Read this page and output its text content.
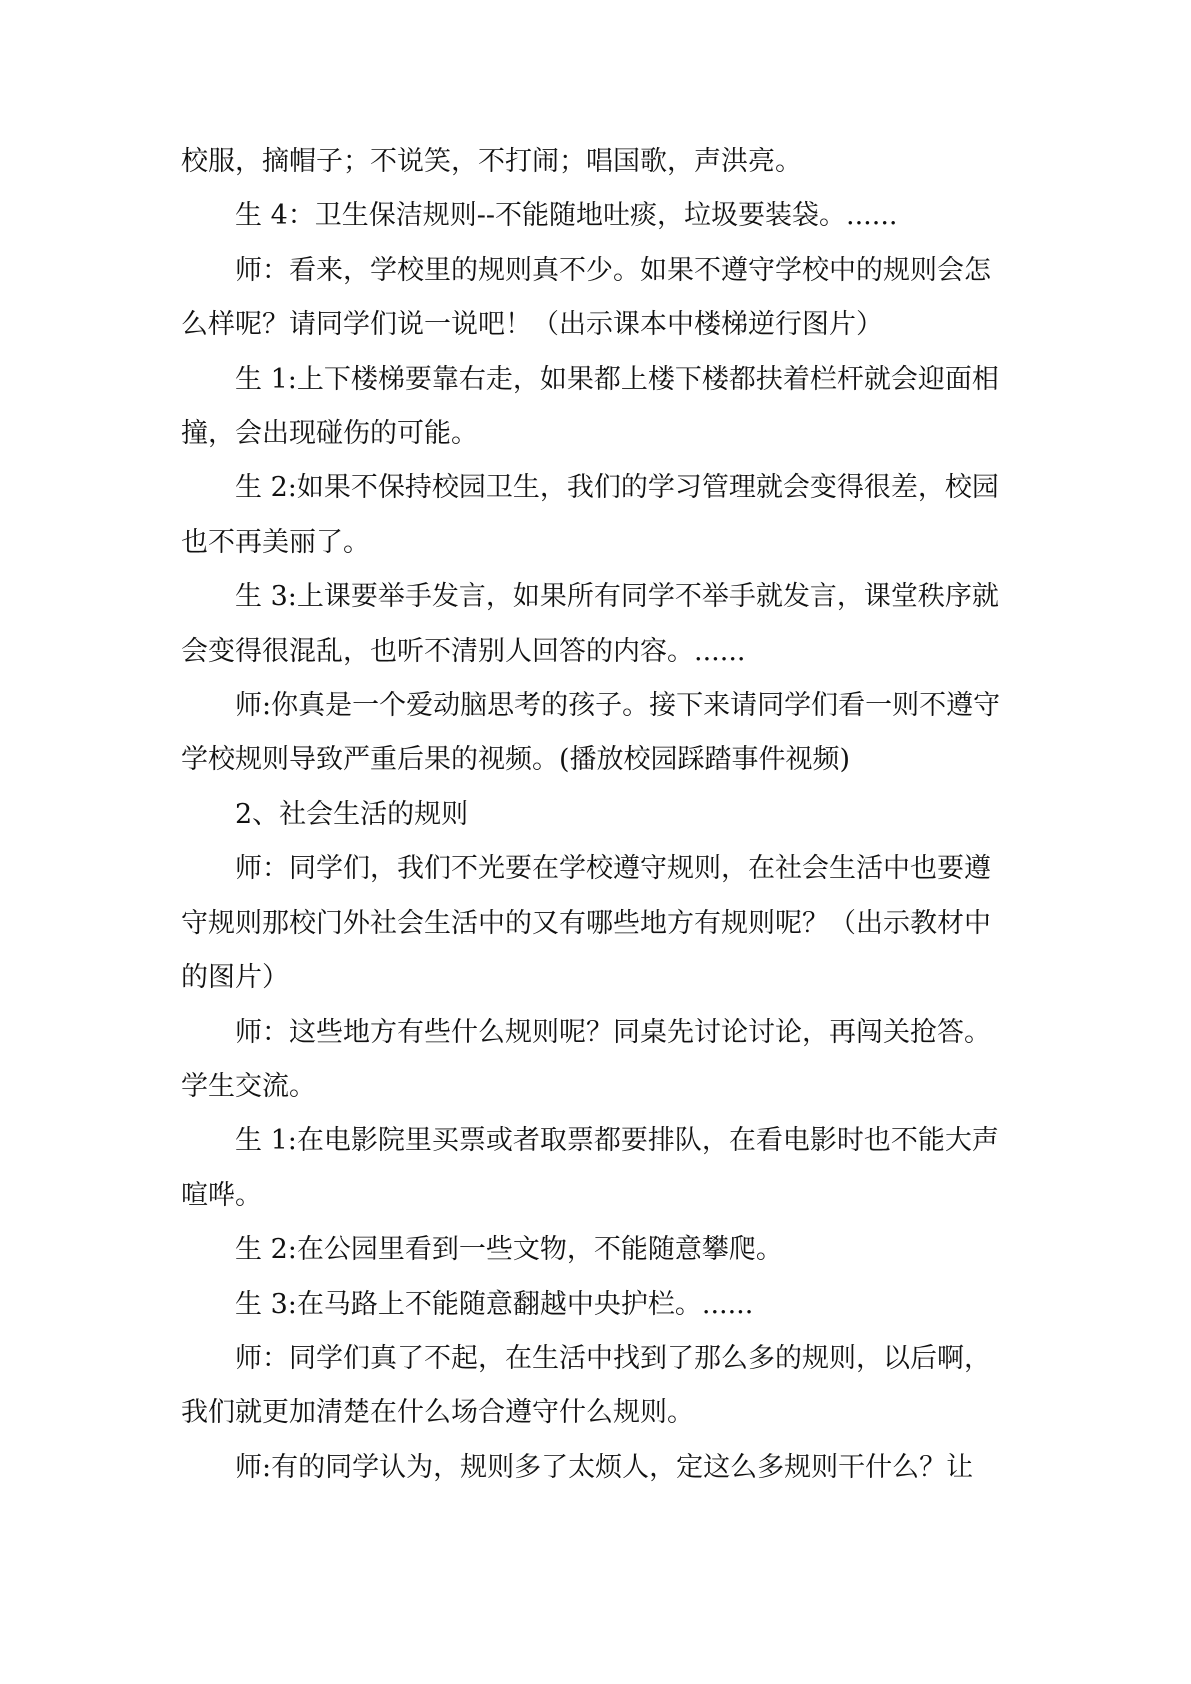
校服，摘帽子；不说笑，不打闹；唱国歌，声洪亮。

生 4：卫生保洁规则--不能随地吐痰，垃圾要装袋。......

师：看来，学校里的规则真不少。如果不遵守学校中的规则会怎么样呢？请同学们说一说吧！（出示课本中楼梯逆行图片）

生 1:上下楼梯要靠右走，如果都上楼下楼都扶着栏杆就会迎面相撞，会出现碰伤的可能。

生 2:如果不保持校园卫生，我们的学习管理就会变得很差，校园也不再美丽了。

生 3:上课要举手发言，如果所有同学不举手就发言，课堂秩序就会变得很混乱，也听不清别人回答的内容。......

师:你真是一个爱动脑思考的孩子。接下来请同学们看一则不遵守学校规则导致严重后果的视频。(播放校园踩踏事件视频)

2、社会生活的规则

师：同学们，我们不光要在学校遵守规则，在社会生活中也要遵守规则那校门外社会生活中的又有哪些地方有规则呢？（出示教材中的图片）

师：这些地方有些什么规则呢？同桌先讨论讨论，再闯关抢答。学生交流。

生 1:在电影院里买票或者取票都要排队，在看电影时也不能大声喧哗。

生 2:在公园里看到一些文物，不能随意攀爬。

生 3:在马路上不能随意翻越中央护栏。......

师：同学们真了不起，在生活中找到了那么多的规则，以后啊，我们就更加清楚在什么场合遵守什么规则。

师:有的同学认为，规则多了太烦人，定这么多规则干什么？让
